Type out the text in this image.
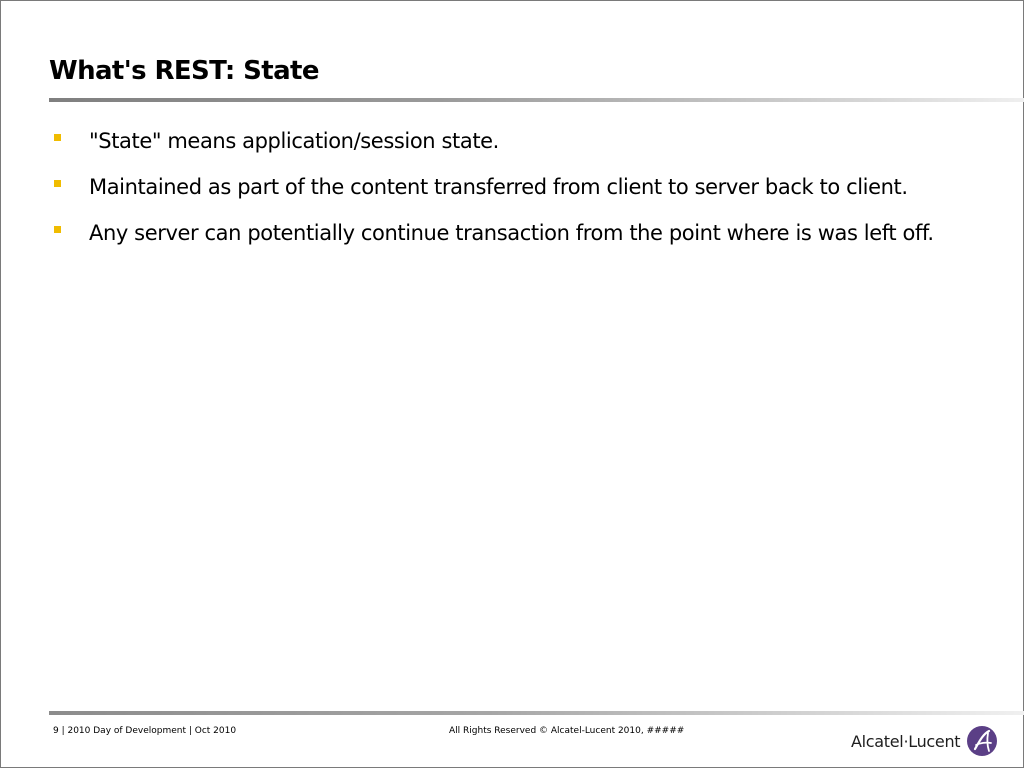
What's REST: State
"State" means application/session state.
Maintained as part of the content transferred from client to server back to client.
Any server can potentially continue transaction from the point where is was left off.
9 | 2010 Day of Development | Oct 2010	All Rights Reserved © Alcatel-Lucent 2010, #####
Alcatel·Lucent
